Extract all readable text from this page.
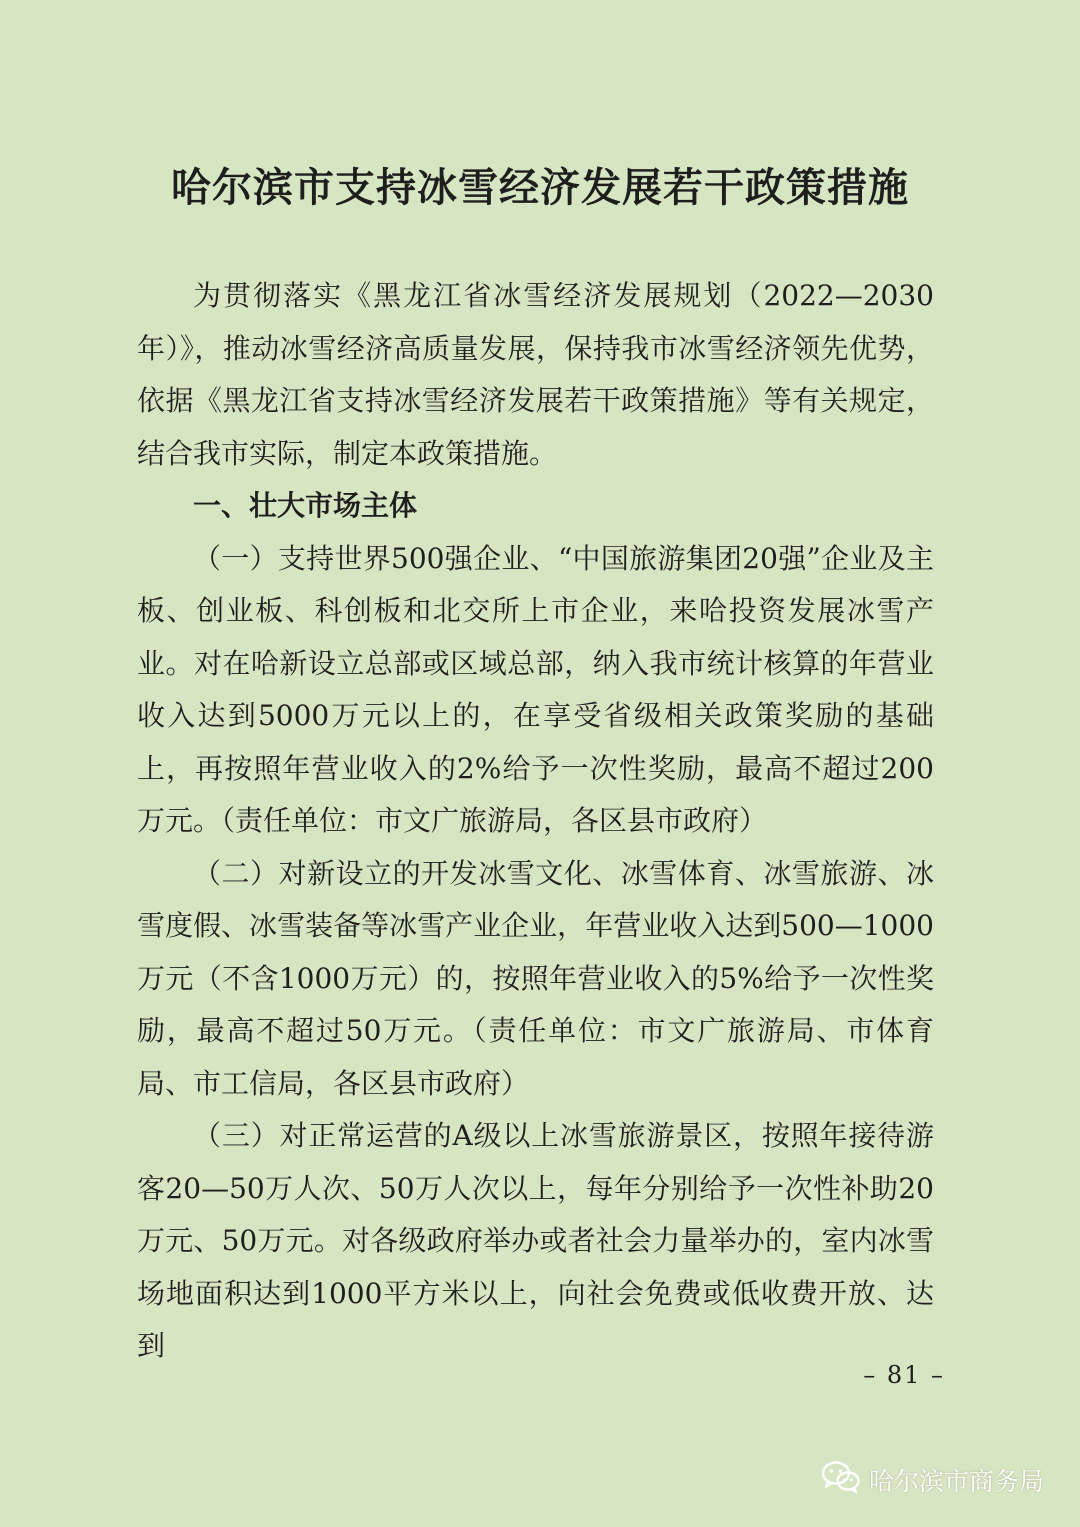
哈尔滨市支持冰雪经济发展若干政策措施

为贯彻落实《黑龙江省冰雪经济发展规划（2022—2030年）》，推动冰雪经济高质量发展，保持我市冰雪经济领先优势，依据《黑龙江省支持冰雪经济发展若干政策措施》等有关规定，结合我市实际，制定本政策措施。

一、壮大市场主体

（一）支持世界500强企业、“中国旅游集团20强”企业及主板、创业板、科创板和北交所上市企业，来哈投资发展冰雪产业。对在哈新设立总部或区域总部，纳入我市统计核算的年营业收入达到5000万元以上的，在享受省级相关政策奖励的基础上，再按照年营业收入的2%给予一次性奖励，最高不超过200万元。（责任单位：市文广旅游局，各区县市政府）

（二）对新设立的开发冰雪文化、冰雪体育、冰雪旅游、冰雪度假、冰雪装备等冰雪产业企业，年营业收入达到500—1000万元（不含1000万元）的，按照年营业收入的5%给予一次性奖励，最高不超过50万元。（责任单位：市文广旅游局、市体育局、市工信局，各区县市政府）

（三）对正常运营的A级以上冰雪旅游景区，按照年接待游客20—50万人次、50万人次以上，每年分别给予一次性补助20万元、50万元。对各级政府举办或者社会力量举办的，室内冰雪场地面积达到1000平方米以上，向社会免费或低收费开放、达到

– 81 –
哈尔滨市商务局
